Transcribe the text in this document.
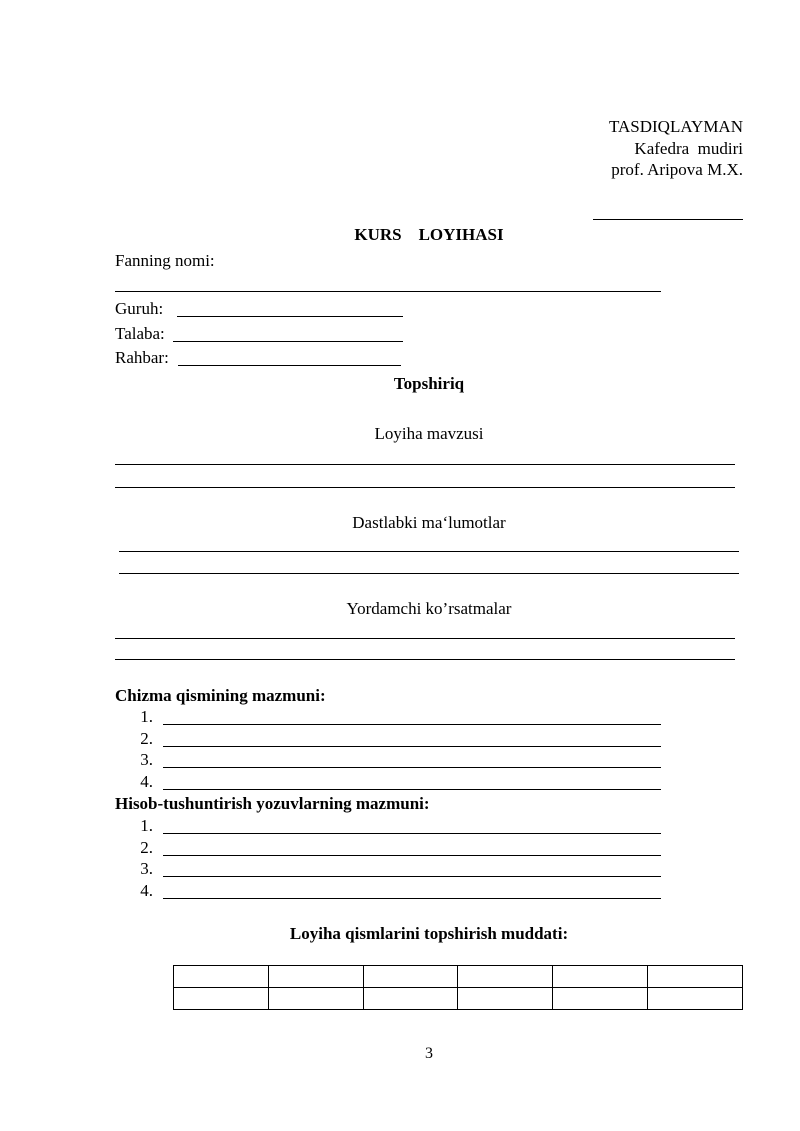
TASDIQLAYMAN
Kafedra  mudiri
prof. Aripova M.X.
KURS    LOYIHASI
Fanning nomi:
Guruh:
Talaba:
Rahbar:
Topshiriq
Loyiha mavzusi
Dastlabki ma‘lumotlar
Yordamchi ko’rsatmalar
Chizma qismining mazmuni:
1.
2.
3.
4.
Hisob-tushuntirish yozuvlarning mazmuni:
1.
2.
3.
4.
Loyiha qismlarini topshirish muddati:

3
